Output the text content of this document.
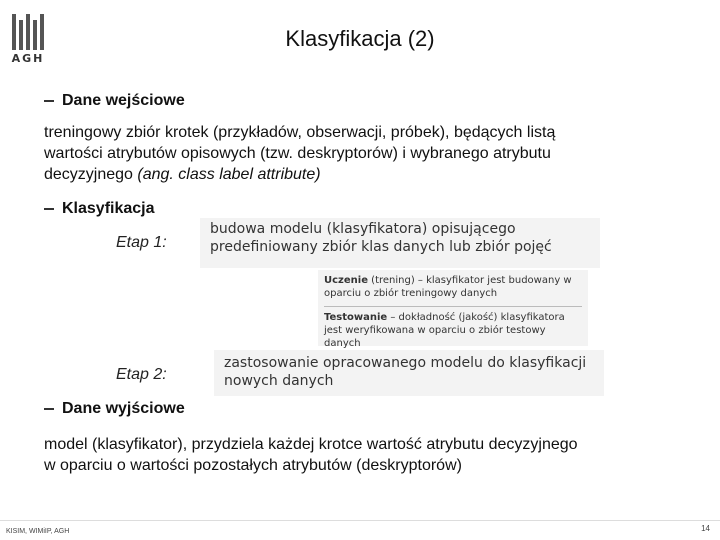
AGH
Klasyfikacja (2)
Dane wejściowe
treningowy zbiór krotek (przykładów, obserwacji, próbek), będących listą
wartości atrybutów opisowych (tzw. deskryptorów) i wybranego atrybutu
decyzyjnego (ang. class label attribute)
Klasyfikacja
Etap 1:
budowa modelu (klasyfikatora) opisującego
predefiniowany zbiór klas danych lub zbiór pojęć
Uczenie (trening) – klasyfikator jest budowany w
oparciu o zbiór treningowy danych
Testowanie – dokładność (jakość) klasyfikatora
jest weryfikowana w oparciu o zbiór testowy danych
Etap 2:
zastosowanie opracowanego modelu do klasyfikacji
nowych danych
Dane wyjściowe
model (klasyfikator), przydziela każdej krotce wartość atrybutu decyzyjnego
w oparciu o wartości pozostałych atrybutów (deskryptorów)
KISIM, WIMiIP, AGH	14
